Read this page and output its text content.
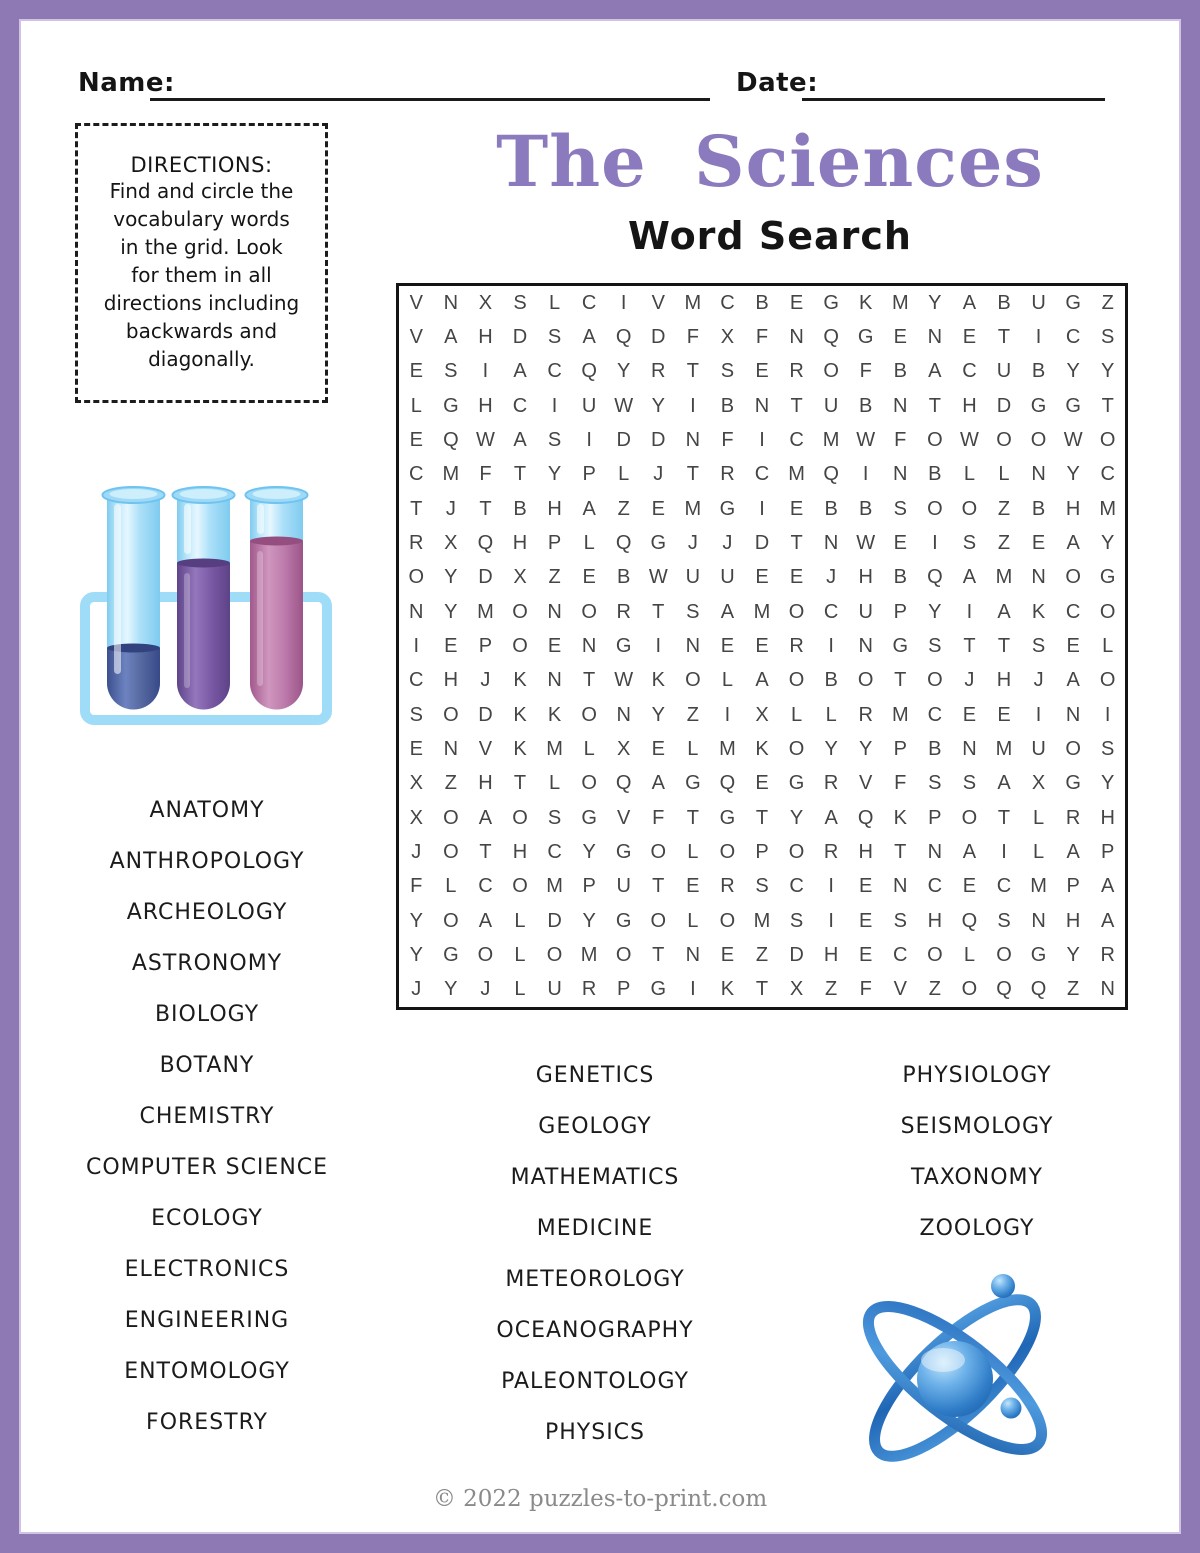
Name:	Date:
DIRECTIONS:
Find and circle the
vocabulary words
in the grid. Look
for them in all
directions including
backwards and
diagonally.
The Sciences
Word Search
V	N	X	S	L	C	I	V M C	B	E	G	K M Y	A	B	U G	Z
V	A	H	D	S	A	Q D	F	X	F	N Q G	E	N	E	T	I	C	S
E	S	I	A	C Q	Y	R	T	S	E	R O	F	B	A	C	U	B	Y	Y
L	G H	C	I	U W Y	I	B	N	T	U	B	N	T	H	D G G	T
E	Q W A	S	I	D	D	N	F	I	C M W F	O W O O W O
C M	F	T	Y	P	L	J	T	R	C M Q	I	N	B	L	L	N	Y	C
T	J	T	B	H	A	Z	E M G	I	E	B	B	S	O O	Z	B	H M
R	X	Q H	P	L	Q G	J	J	D	T	N W E	I	S	Z	E	A	Y
O	Y	D	X	Z	E	B W U	U	E	E	J	H	B	Q	A M N O G
N	Y M O N O R	T	S	A M O C	U	P	Y	I	A	K	C O
I	E	P	O	E	N G	I	N	E	E	R	I	N G	S	T	T	S	E	L
C	H	J	K	N	T W K	O	L	A	O	B	O	T	O	J	H	J	A	O
S	O D	K	K	O N	Y	Z	I	X	L	L	R M C	E	E	I	N	I
E	N	V	K M	L	X	E	L	M K	O	Y	Y	P	B	N M U O	S
X	Z	H	T	L	O Q	A	G Q	E	G R	V	F	S	S	A	X	G	Y
X	O	A	O	S	G	V	F	T	G	T	Y	A	Q	K	P	O	T	L	R	H
J	O	T	H	C	Y	G O	L	O	P	O R	H	T	N	A	I	L	A	P
F	L	C O M P	U	T	E	R	S	C	I	E	N	C	E	C M P	A
Y	O	A	L	D	Y	G O	L	O M S	I	E	S	H Q	S	N	H	A
Y	G O	L	O M O	T	N	E	Z	D	H	E	C O	L	O G	Y	R
J	Y	J	L	U	R	P	G	I	K	T	X	Z	F	V	Z	O Q Q	Z	N
ANATOMY
ANTHROPOLOGY
ARCHEOLOGY
ASTRONOMY
BIOLOGY
BOTANY
CHEMISTRY
COMPUTER SCIENCE
ECOLOGY
ELECTRONICS
ENGINEERING
ENTOMOLOGY
FORESTRY
GENETICS
GEOLOGY
MATHEMATICS
MEDICINE
METEOROLOGY
OCEANOGRAPHY
PALEONTOLOGY
PHYSICS
PHYSIOLOGY
SEISMOLOGY
TAXONOMY
ZOOLOGY
© 2022 puzzles-to-print.com
